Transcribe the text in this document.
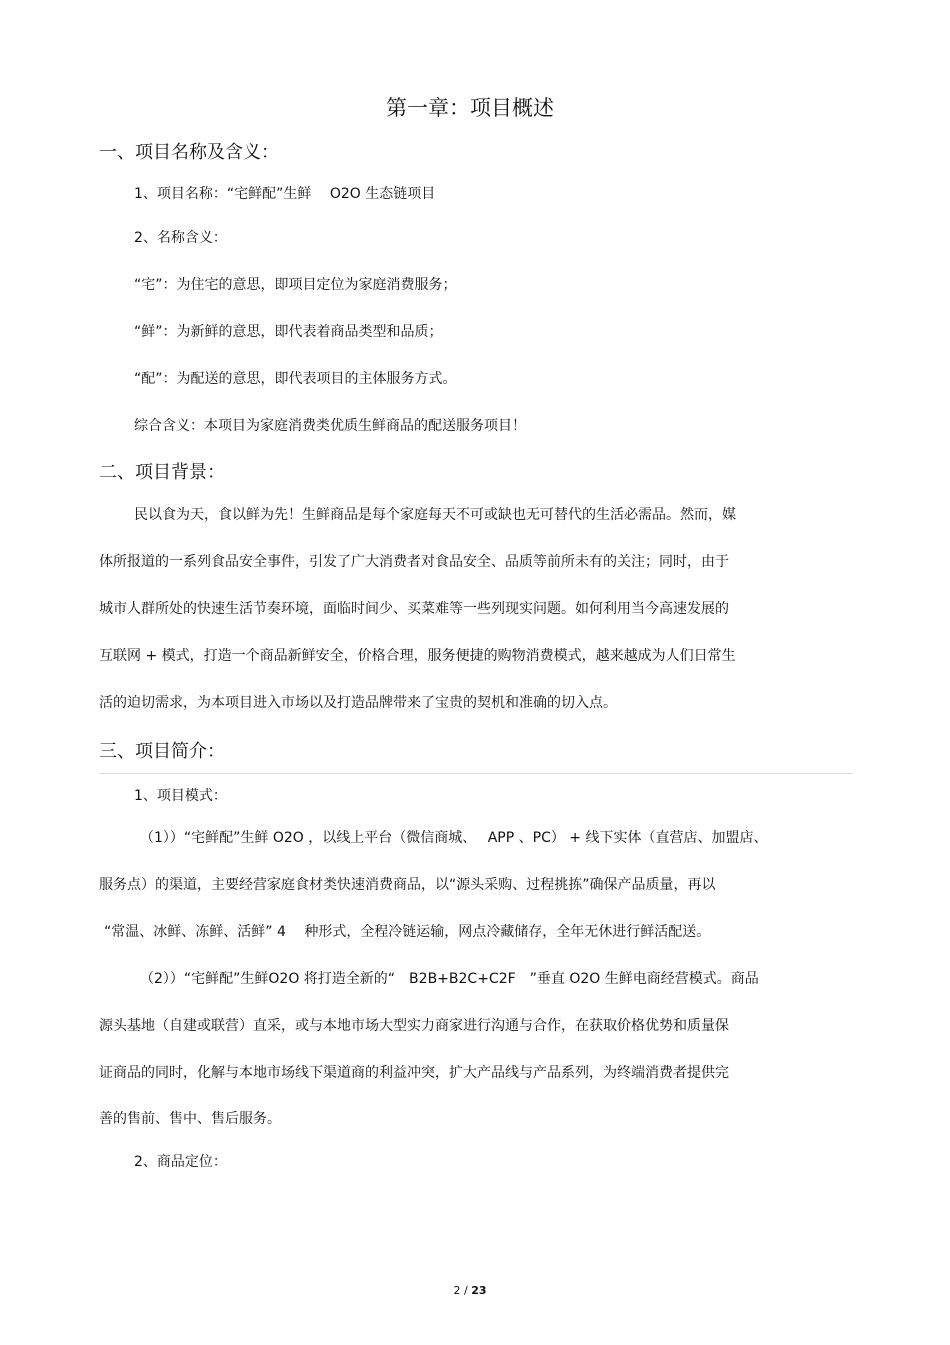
第一章：项目概述
一、项目名称及含义：
1、项目名称：“宅鲜配”生鲜　 O2O 生态链项目
2、名称含义：
“宅”：为住宅的意思，即项目定位为家庭消费服务；
“鲜”：为新鲜的意思，即代表着商品类型和品质；
“配”：为配送的意思，即代表项目的主体服务方式。
综合含义：本项目为家庭消费类优质生鲜商品的配送服务项目！
二、项目背景：
民以食为天，食以鲜为先！生鲜商品是每个家庭每天不可或缺也无可替代的生活必需品。然而，媒
体所报道的一系列食品安全事件，引发了广大消费者对食品安全、品质等前所未有的关注；同时，由于
城市人群所处的快速生活节奏环境，面临时间少、买菜难等一些列现实问题。如何利用当今高速发展的
互联网 + 模式，打造一个商品新鲜安全，价格合理，服务便捷的购物消费模式，越来越成为人们日常生
活的迫切需求，为本项目进入市场以及打造品牌带来了宝贵的契机和准确的切入点。
三、项目简介：
1、项目模式：
（1））“宅鲜配”生鲜 O2O ，以线上平台（微信商城、　 APP 、PC） + 线下实体（直营店、加盟店、
服务点）的渠道，主要经营家庭食材类快速消费商品，以“源头采购、过程挑拣”确保产品质量，再以
“常温、冰鲜、冻鲜、活鲜” 4　 种形式，全程冷链运输，网点冷藏储存，全年无休进行鲜活配送。
（2））“宅鲜配”生鲜O2O 将打造全新的“　B2B+B2C+C2F　”垂直 O2O 生鲜电商经营模式。商品
源头基地（自建或联营）直采，或与本地市场大型实力商家进行沟通与合作，在获取价格优势和质量保
证商品的同时，化解与本地市场线下渠道商的利益冲突，扩大产品线与产品系列，为终端消费者提供完
善的售前、售中、售后服务。
2、商品定位：
2 / 23
